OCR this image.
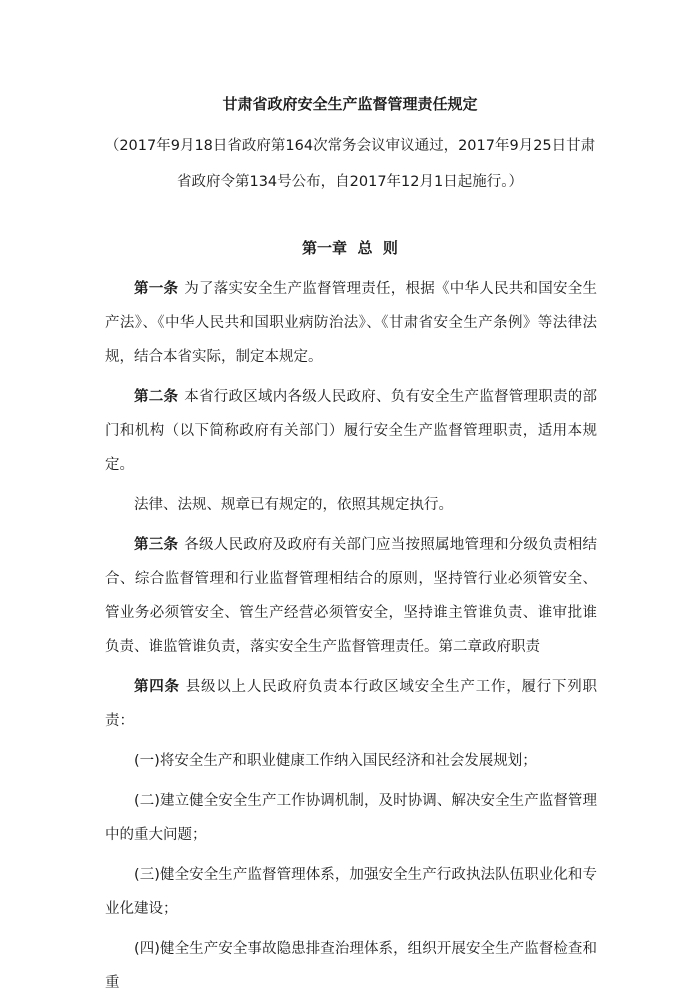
甘肃省政府安全生产监督管理责任规定
（2017年9月18日省政府第164次常务会议审议通过，2017年9月25日甘肃省政府令第134号公布，自2017年12月1日起施行。）
第一章  总  则

第一条 为了落实安全生产监督管理责任，根据《中华人民共和国安全生产法》、《中华人民共和国职业病防治法》、《甘肃省安全生产条例》等法律法规，结合本省实际，制定本规定。

第二条 本省行政区域内各级人民政府、负有安全生产监督管理职责的部门和机构（以下简称政府有关部门）履行安全生产监督管理职责，适用本规定。

法律、法规、规章已有规定的，依照其规定执行。

第三条 各级人民政府及政府有关部门应当按照属地管理和分级负责相结合、综合监督管理和行业监督管理相结合的原则，坚持管行业必须管安全、管业务必须管安全、管生产经营必须管安全，坚持谁主管谁负责、谁审批谁负责、谁监管谁负责，落实安全生产监督管理责任。第二章政府职责

第四条 县级以上人民政府负责本行政区域安全生产工作，履行下列职责：

(一)将安全生产和职业健康工作纳入国民经济和社会发展规划；

(二)建立健全安全生产工作协调机制，及时协调、解决安全生产监督管理中的重大问题；

(三)健全安全生产监督管理体系，加强安全生产行政执法队伍职业化和专业化建设；

(四)健全生产安全事故隐患排查治理体系，组织开展安全生产监督检查和重
